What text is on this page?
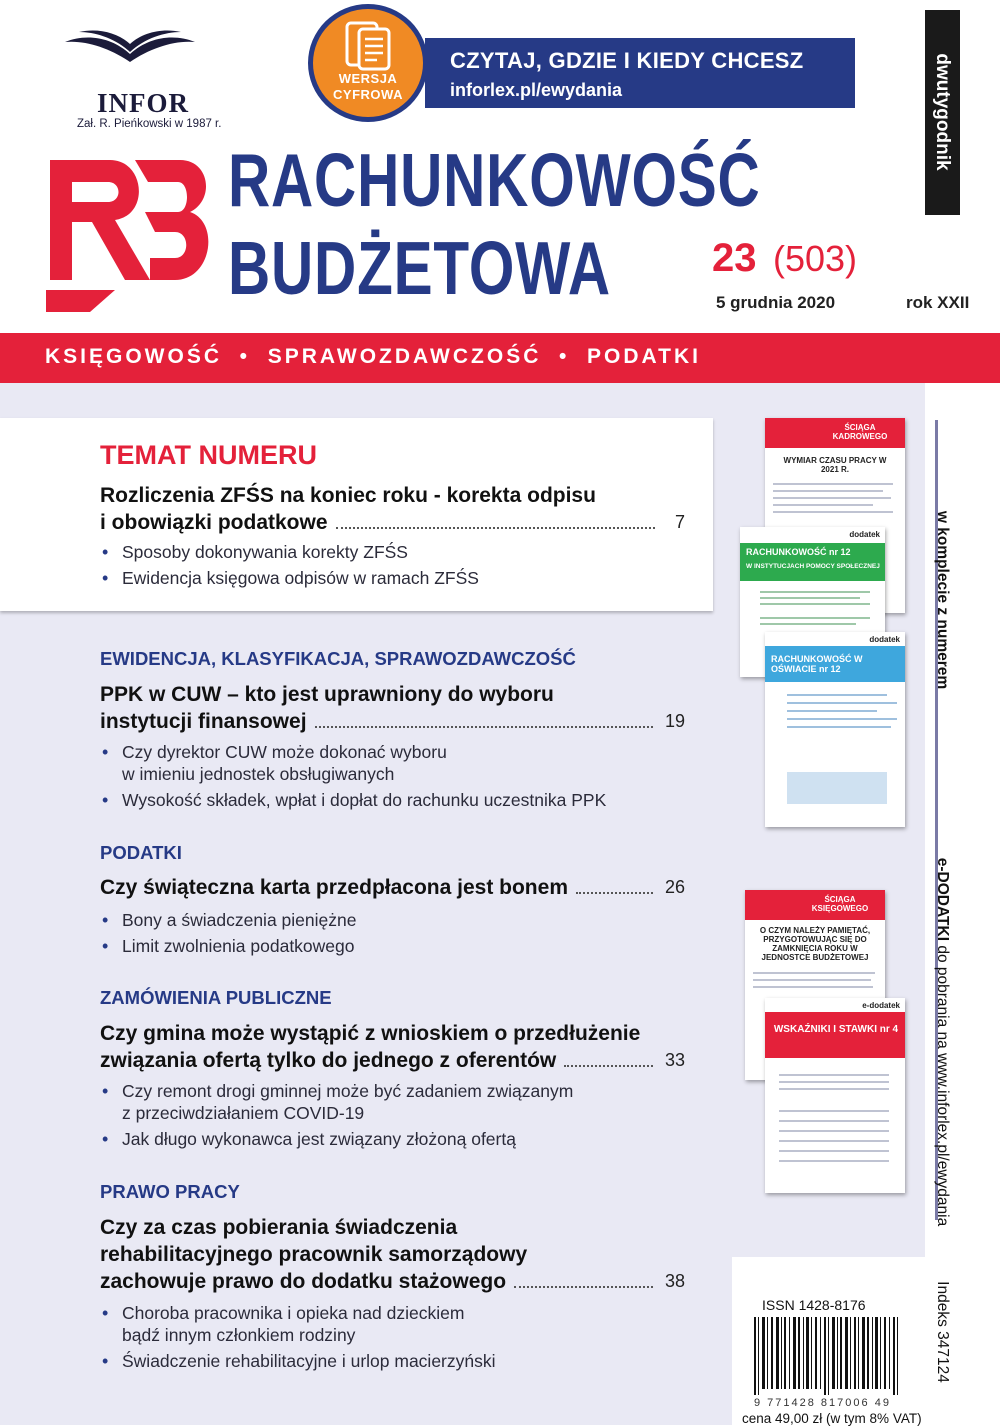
INFOR
Zał. R. Pieńkowski w 1987 r.
CZYTAJ, GDZIE I KIEDY CHCESZ
inforlex.pl/ewydania
WERSJA
CYFROWA
RACHUNKOWOŚĆ
BUDŻETOWA	23 (503)
5 grudnia 2020	rok XXII
dwutygodnik
KSIĘGOWOŚĆ  •  SPRAWOZDAWCZOŚĆ  •  PODATKI
TEMAT NUMERU
Rozliczenia ZFŚS na koniec roku - korekta odpisu
i obowiązki podatkowe	7
• Sposoby dokonywania korekty ZFŚS
• Ewidencja księgowa odpisów w ramach ZFŚS
EWIDENCJA, KLASYFIKACJA, SPRAWOZDAWCZOŚĆ
PPK w CUW – kto jest uprawniony do wyboru
instytucji finansowej	19
• Czy dyrektor CUW może dokonać wyboru
w imieniu jednostek obsługiwanych
• Wysokość składek, wpłat i dopłat do rachunku uczestnika PPK
PODATKI
Czy świąteczna karta przedpłacona jest bonem	26
• Bony a świadczenia pieniężne
• Limit zwolnienia podatkowego
ZAMÓWIENIA PUBLICZNE
Czy gmina może wystąpić z wnioskiem o przedłużenie
związania ofertą tylko do jednego z oferentów	33
• Czy remont drogi gminnej może być zadaniem związanym
z przeciwdziałaniem COVID-19
• Jak długo wykonawca jest związany złożoną ofertą
PRAWO PRACY
Czy za czas pobierania świadczenia
rehabilitacyjnego pracownik samorządowy
zachowuje prawo do dodatku stażowego	38
• Choroba pracownika i opieka nad dzieckiem
bądź innym członkiem rodziny
• Świadczenie rehabilitacyjne i urlop macierzyński
ŚCIĄGA KADROWEGO
WYMIAR CZASU PRACY W 2021 R.
dodatek
RACHUNKOWOŚĆ nr 12
W INSTYTUCJACH POMOCY SPOŁECZNEJ
dodatek
RACHUNKOWOŚĆ W OŚWIACIE nr 12
ŚCIĄGA KSIĘGOWEGO
O CZYM NALEŻY PAMIĘTAĆ, PRZYGOTOWUJĄC SIĘ DO ZAMKNIĘCIA ROKU W JEDNOSTCE BUDŻETOWEJ
e-dodatek
WSKAŹNIKI I STAWKI nr 4
w komplecie z numerem
e-DODATKI do pobrania na www.inforlex.pl/ewydania
Indeks 347124
ISSN 1428-8176
9 771428 817006 49
cena 49,00 zł (w tym 8% VAT)
